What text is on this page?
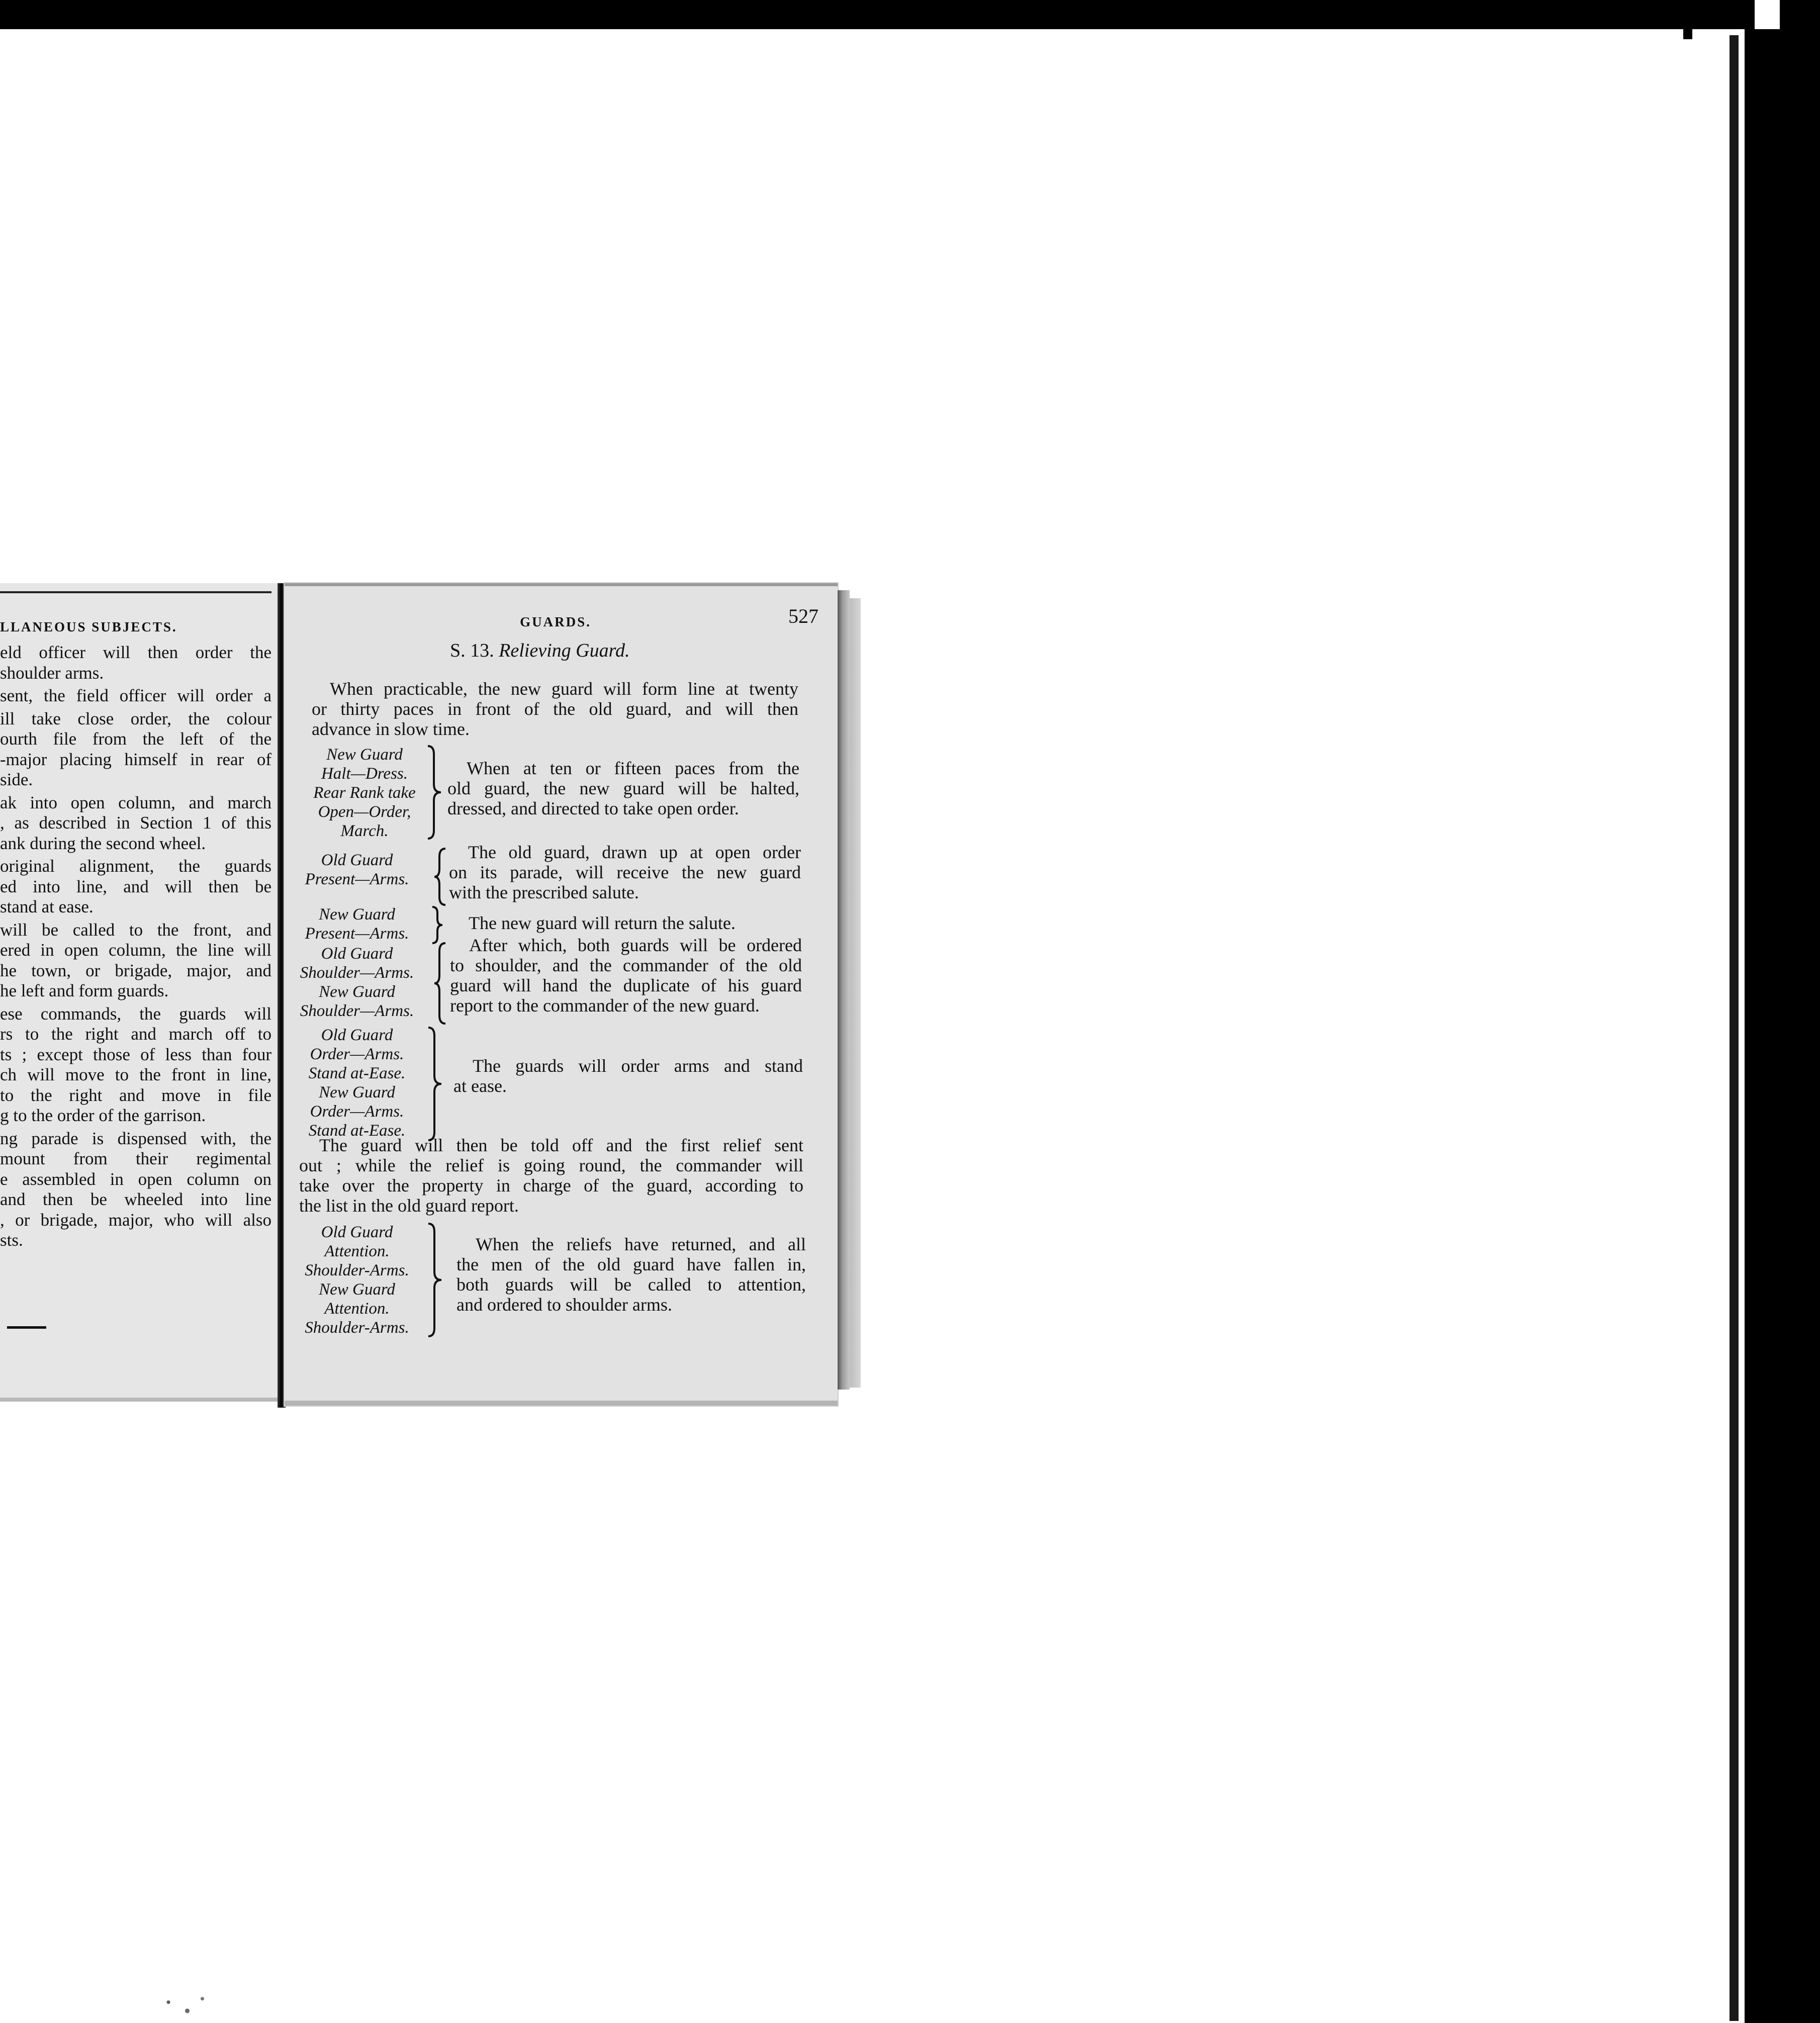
LLANEOUS SUBJECTS.
eld officer will then order the
shoulder arms.
sent, the field officer will order a
ill take close order, the colour
ourth file from the left of the
-major placing himself in rear of
side.
ak into open column, and march
, as described in Section 1 of this
ank during the second wheel.
original alignment, the guards
ed into line, and will then be
stand at ease.
will be called to the front, and
ered in open column, the line will
he town, or brigade, major, and
he left and form guards.
ese commands, the guards will
rs to the right and march off to
ts ; except those of less than four
ch will move to the front in line,
to the right and move in file
g to the order of the garrison.
ng parade is dispensed with, the
mount from their regimental
e assembled in open column on
and then be wheeled into line
, or brigade, major, who will also
sts.
GUARDS.	527
S. 13. Relieving Guard.
When practicable, the new guard will form line at twenty
or thirty paces in front of the old guard, and will then
advance in slow time.
New Guard
Halt—Dress.
Rear Rank take
Open—Order,
March.
When at ten or fifteen paces from the
old guard, the new guard will be halted,
dressed, and directed to take open order.
Old Guard
Present—Arms.
The old guard, drawn up at open order
on its parade, will receive the new guard
with the prescribed salute.
New Guard
Present—Arms.
The new guard will return the salute.
Old Guard
Shoulder—Arms.
New Guard
Shoulder—Arms.
After which, both guards will be ordered
to shoulder, and the commander of the old
guard will hand the duplicate of his guard
report to the commander of the new guard.
Old Guard
Order—Arms.
Stand at-Ease.
New Guard
Order—Arms.
Stand at-Ease.
The guards will order arms and stand
at ease.
The guard will then be told off and the first relief sent
out ; while the relief is going round, the commander will
take over the property in charge of the guard, according to
the list in the old guard report.
Old Guard
Attention.
Shoulder-Arms.
New Guard
Attention.
Shoulder-Arms.
When the reliefs have returned, and all
the men of the old guard have fallen in,
both guards will be called to attention,
and ordered to shoulder arms.
